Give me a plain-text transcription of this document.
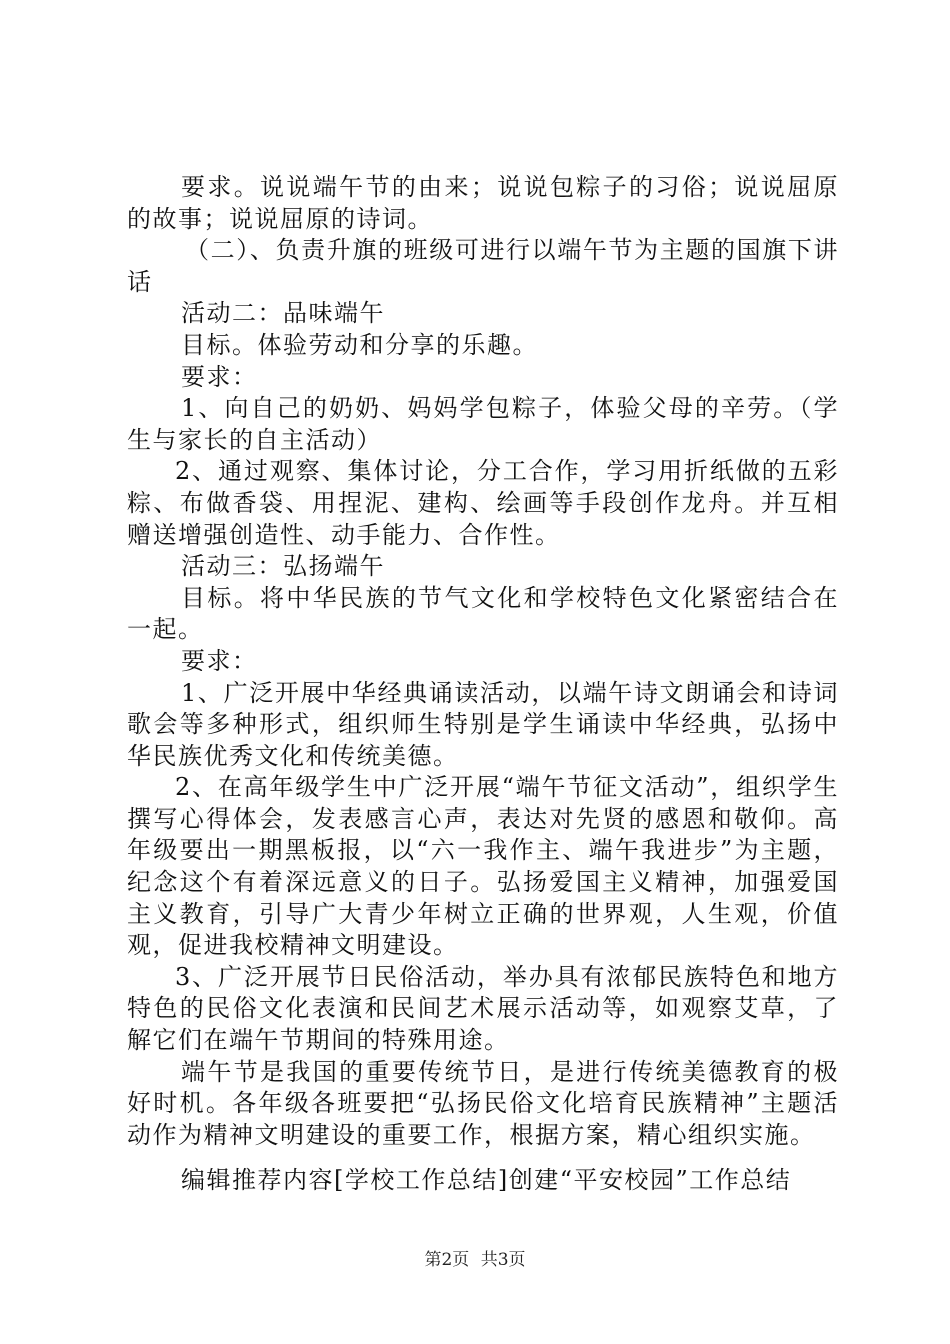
要求。说说端午节的由来；说说包粽子的习俗；说说屈原的故事；说说屈原的诗词。

（二）、负责升旗的班级可进行以端午节为主题的国旗下讲话

活动二：品味端午

目标。体验劳动和分享的乐趣。

要求：

1、向自己的奶奶、妈妈学包粽子，体验父母的辛劳。（学生与家长的自主活动）

2、通过观察、集体讨论，分工合作，学习用折纸做的五彩粽、布做香袋、用捏泥、建构、绘画等手段创作龙舟。并互相赠送增强创造性、动手能力、合作性。

活动三：弘扬端午

目标。将中华民族的节气文化和学校特色文化紧密结合在一起。

要求：

1、广泛开展中华经典诵读活动，以端午诗文朗诵会和诗词歌会等多种形式，组织师生特别是学生诵读中华经典，弘扬中华民族优秀文化和传统美德。

2、在高年级学生中广泛开展“端午节征文活动”，组织学生撰写心得体会，发表感言心声，表达对先贤的感恩和敬仰。高年级要出一期黑板报，以“六一我作主、端午我进步”为主题，纪念这个有着深远意义的日子。弘扬爱国主义精神，加强爱国主义教育，引导广大青少年树立正确的世界观，人生观，价值观，促进我校精神文明建设。

3、广泛开展节日民俗活动，举办具有浓郁民族特色和地方特色的民俗文化表演和民间艺术展示活动等，如观察艾草，了解它们在端午节期间的特殊用途。

端午节是我国的重要传统节日，是进行传统美德教育的极好时机。各年级各班要把“弘扬民俗文化培育民族精神”主题活动作为精神文明建设的重要工作，根据方案，精心组织实施。

编辑推荐内容[学校工作总结]创建“平安校园”工作总结

第2页 共3页
